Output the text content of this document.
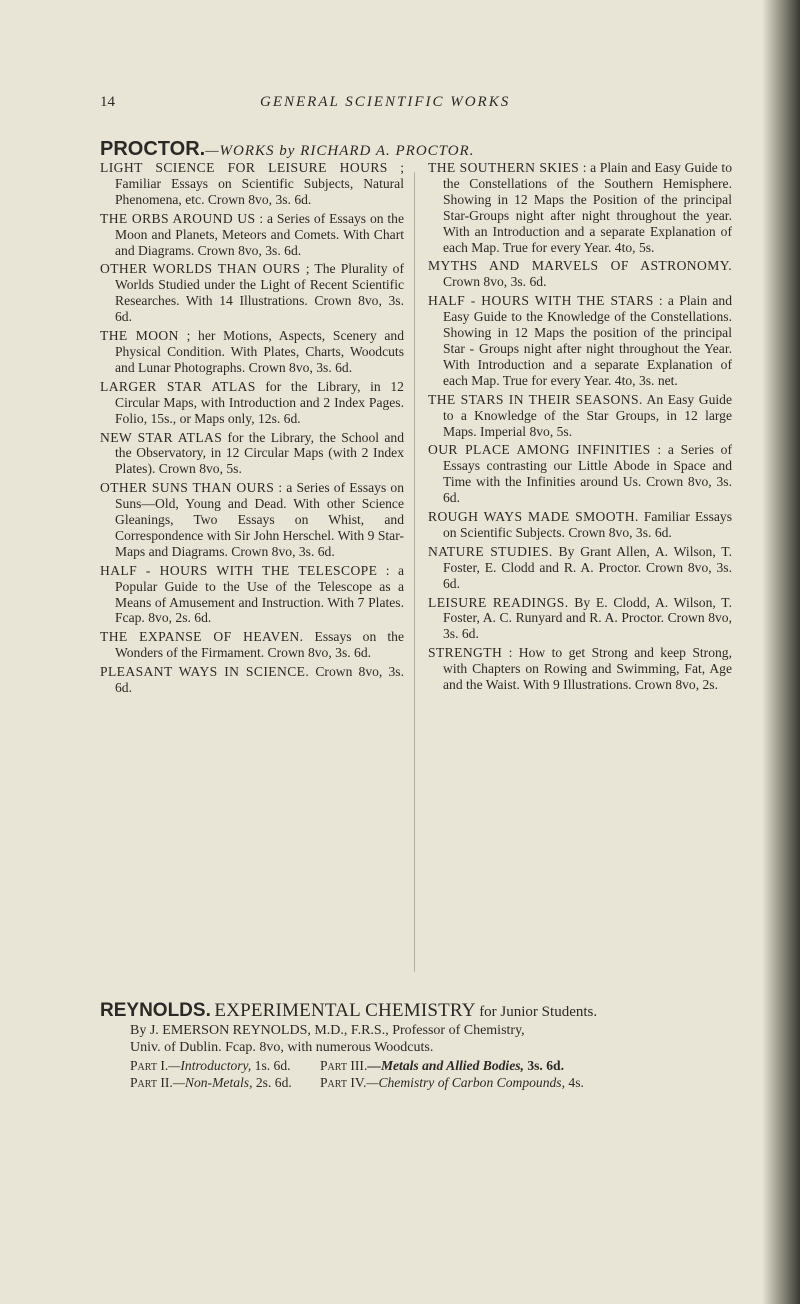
14	GENERAL SCIENTIFIC WORKS
PROCTOR.—WORKS by RICHARD A. PROCTOR.

LIGHT SCIENCE FOR LEISURE HOURS ; Familiar Essays on Scientific Subjects, Natural Phenomena, etc. Crown 8vo, 3s. 6d.

THE ORBS AROUND US : a Series of Essays on the Moon and Planets, Meteors and Comets. With Chart and Diagrams. Crown 8vo, 3s. 6d.

OTHER WORLDS THAN OURS ; The Plurality of Worlds Studied under the Light of Recent Scientific Researches. With 14 Illustrations. Crown 8vo, 3s. 6d.

THE MOON ; her Motions, Aspects, Scenery and Physical Condition. With Plates, Charts, Woodcuts and Lunar Photographs. Crown 8vo, 3s. 6d.

LARGER STAR ATLAS for the Library, in 12 Circular Maps, with Introduction and 2 Index Pages. Folio, 15s., or Maps only, 12s. 6d.

NEW STAR ATLAS for the Library, the School and the Observatory, in 12 Circular Maps (with 2 Index Plates). Crown 8vo, 5s.

OTHER SUNS THAN OURS : a Series of Essays on Suns—Old, Young and Dead. With other Science Gleanings, Two Essays on Whist, and Correspondence with Sir John Herschel. With 9 Star-Maps and Diagrams. Crown 8vo, 3s. 6d.

HALF - HOURS WITH THE TELESCOPE : a Popular Guide to the Use of the Telescope as a Means of Amusement and Instruction. With 7 Plates. Fcap. 8vo, 2s. 6d.

THE EXPANSE OF HEAVEN. Essays on the Wonders of the Firmament. Crown 8vo, 3s. 6d.

PLEASANT WAYS IN SCIENCE. Crown 8vo, 3s. 6d.

THE SOUTHERN SKIES : a Plain and Easy Guide to the Constellations of the Southern Hemisphere. Showing in 12 Maps the Position of the principal Star-Groups night after night throughout the year. With an Introduction and a separate Explanation of each Map. True for every Year. 4to, 5s.

MYTHS AND MARVELS OF ASTRONOMY. Crown 8vo, 3s. 6d.

HALF - HOURS WITH THE STARS : a Plain and Easy Guide to the Knowledge of the Constellations. Showing in 12 Maps the position of the principal Star - Groups night after night throughout the Year. With Introduction and a separate Explanation of each Map. True for every Year. 4to, 3s. net.

THE STARS IN THEIR SEASONS. An Easy Guide to a Knowledge of the Star Groups, in 12 large Maps. Imperial 8vo, 5s.

OUR PLACE AMONG INFINITIES : a Series of Essays contrasting our Little Abode in Space and Time with the Infinities around Us. Crown 8vo, 3s. 6d.

ROUGH WAYS MADE SMOOTH. Familiar Essays on Scientific Subjects. Crown 8vo, 3s. 6d.

NATURE STUDIES. By Grant Allen, A. Wilson, T. Foster, E. Clodd and R. A. Proctor. Crown 8vo, 3s. 6d.

LEISURE READINGS. By E. Clodd, A. Wilson, T. Foster, A. C. Runyard and R. A. Proctor. Crown 8vo, 3s. 6d.

STRENGTH : How to get Strong and keep Strong, with Chapters on Rowing and Swimming, Fat, Age and the Waist. With 9 Illustrations. Crown 8vo, 2s.

REYNOLDS. EXPERIMENTAL CHEMISTRY for Junior Students.
By J. EMERSON REYNOLDS, M.D., F.R.S., Professor of Chemistry,
Univ. of Dublin. Fcap. 8vo, with numerous Woodcuts.
Part I.—Introductory, 1s. 6d.	Part III.—Metals and Allied Bodies, 3s. 6d.
Part II.—Non-Metals, 2s. 6d.	Part IV.—Chemistry of Carbon Compounds, 4s.
